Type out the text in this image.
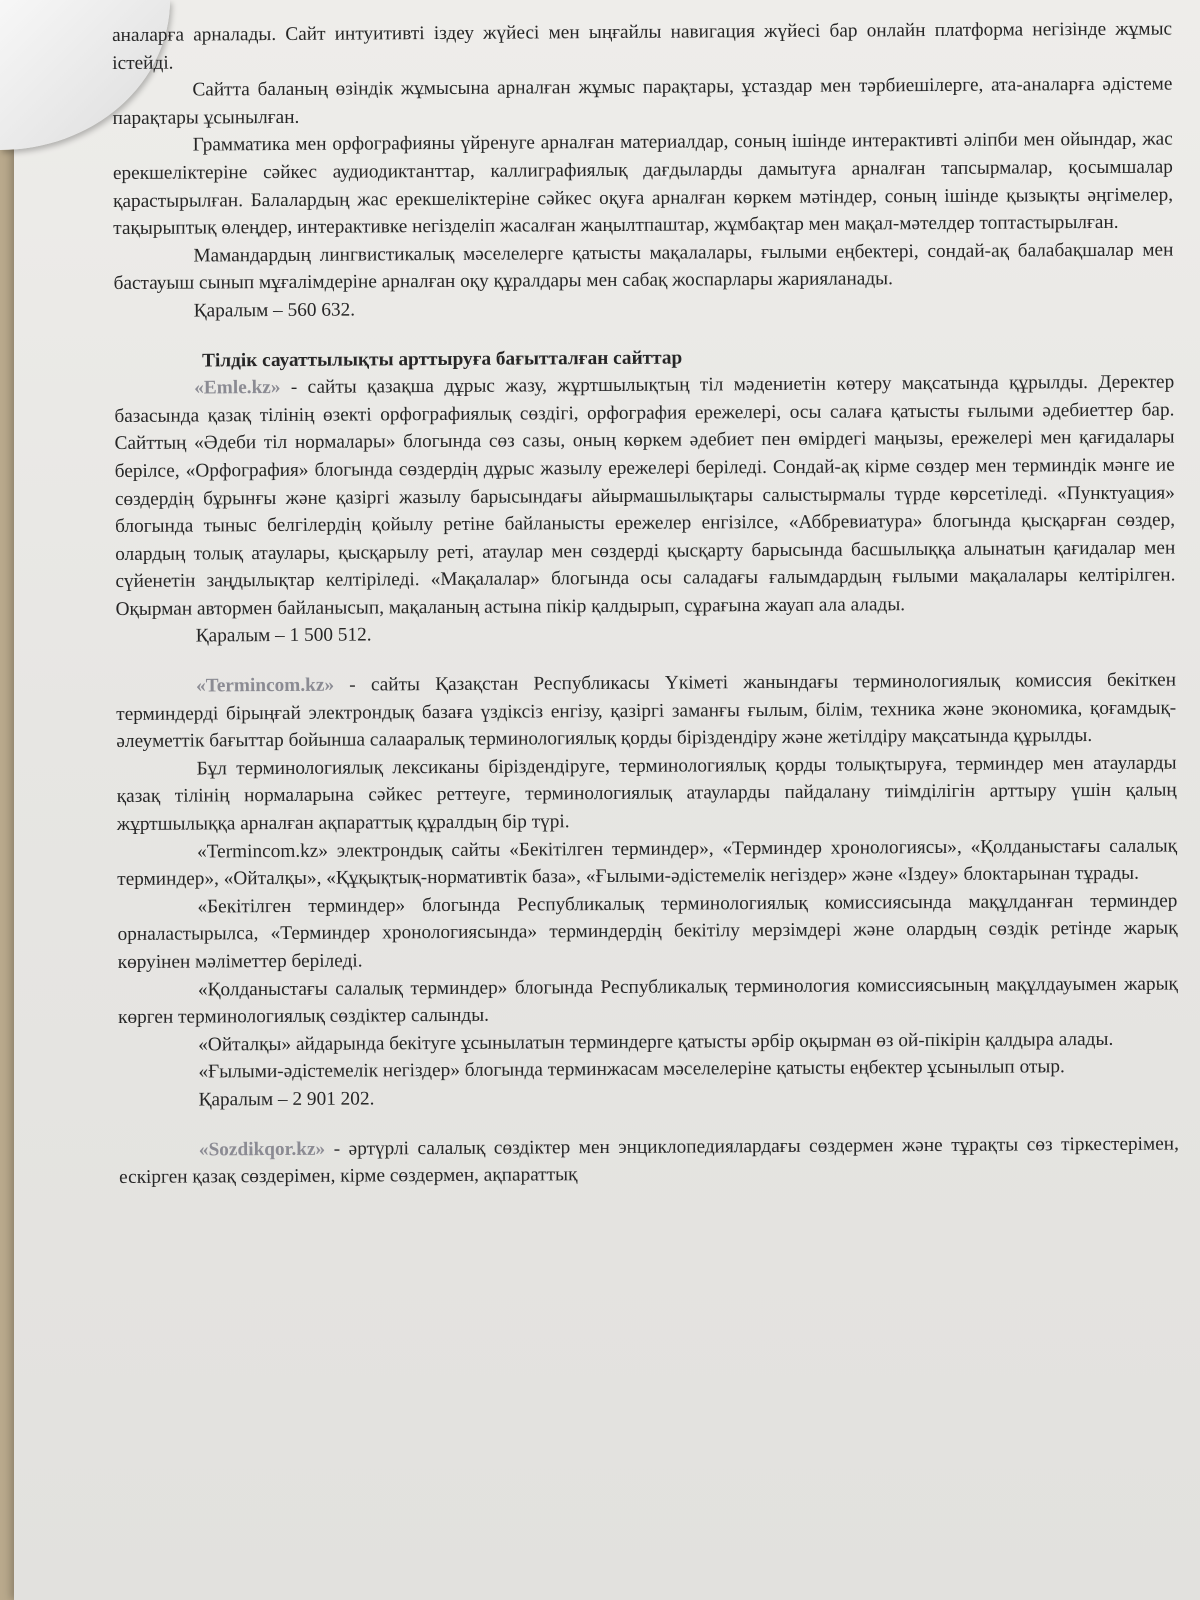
аналарға арналады. Сайт интуитивті іздеу жүйесі мен ыңғайлы навигация жүйесі бар онлайн платформа негізінде жұмыс істейді.

Сайтта баланың өзіндік жұмысына арналған жұмыс парақтары, ұстаздар мен тәрбиешілерге, ата-аналарға әдістеме парақтары ұсынылған.

Грамматика мен орфографияны үйренуге арналған материалдар, соның ішінде интерактивті әліпби мен ойындар, жас ерекшеліктеріне сәйкес аудиодиктанттар, каллиграфиялық дағдыларды дамытуға арналған тапсырмалар, қосымшалар қарастырылған. Балалардың жас ерекшеліктеріне сәйкес оқуға арналған көркем мәтіндер, соның ішінде қызықты әңгімелер, тақырыптық өлеңдер, интерактивке негізделіп жасалған жаңылтпаштар, жұмбақтар мен мақал-мәтелдер топтастырылған.

Мамандардың лингвистикалық мәселелерге қатысты мақалалары, ғылыми еңбектері, сондай-ақ балабақшалар мен бастауыш сынып мұғалімдеріне арналған оқу құралдары мен сабақ жоспарлары жарияланады.

Қаралым – 560 632.

Тілдік сауаттылықты арттыруға бағытталған сайттар

«Emle.kz» - сайты қазақша дұрыс жазу, жұртшылықтың тіл мәдениетін көтеру мақсатында құрылды. Деректер базасында қазақ тілінің өзекті орфографиялық сөздігі, орфография ережелері, осы салаға қатысты ғылыми әдебиеттер бар. Сайттың «Әдеби тіл нормалары» блогында сөз сазы, оның көркем әдебиет пен өмірдегі маңызы, ережелері мен қағидалары берілсе, «Орфография» блогында сөздердің дұрыс жазылу ережелері беріледі. Сондай-ақ кірме сөздер мен терминдік мәнге ие сөздердің бұрынғы және қазіргі жазылу барысындағы айырмашылықтары салыстырмалы түрде көрсетіледі. «Пунктуация» блогында тыныс белгілердің қойылу ретіне байланысты ережелер енгізілсе, «Аббревиатура» блогында қысқарған сөздер, олардың толық атаулары, қысқарылу реті, атаулар мен сөздерді қысқарту барысында басшылыққа алынатын қағидалар мен сүйенетін заңдылықтар келтіріледі. «Мақалалар» блогында осы саладағы ғалымдардың ғылыми мақалалары келтірілген. Оқырман автормен байланысып, мақаланың астына пікір қалдырып, сұрағына жауап ала алады.

Қаралым – 1 500 512.

«Termincom.kz» - сайты Қазақстан Республикасы Үкіметі жанындағы терминологиялық комиссия бекіткен терминдерді бірыңғай электрондық базаға үздіксіз енгізу, қазіргі заманғы ғылым, білім, техника және экономика, қоғамдық-әлеуметтік бағыттар бойынша салааралық терминологиялық қорды біріздендіру және жетілдіру мақсатында құрылды.

Бұл терминологиялық лексиканы біріздендіруге, терминологиялық қорды толықтыруға, терминдер мен атауларды қазақ тілінің нормаларына сәйкес реттеуге, терминологиялық атауларды пайдалану тиімділігін арттыру үшін қалың жұртшылыққа арналған ақпараттық құралдың бір түрі.

«Termincom.kz» электрондық сайты «Бекітілген терминдер», «Терминдер хронологиясы», «Қолданыстағы салалық терминдер», «Ойталқы», «Құқықтық-нормативтік база», «Ғылыми-әдістемелік негіздер» және «Іздеу» блоктарынан тұрады.

«Бекітілген терминдер» блогында Республикалық терминологиялық комиссиясында мақұлданған терминдер орналастырылса, «Терминдер хронологиясында» терминдердің бекітілу мерзімдері және олардың сөздік ретінде жарық көруінен мәліметтер беріледі.

«Қолданыстағы салалық терминдер» блогында Республикалық терминология комиссиясының мақұлдауымен жарық көрген терминологиялық сөздіктер салынды.

«Ойталқы» айдарында бекітуге ұсынылатын терминдерге қатысты әрбір оқырман өз ой-пікірін қалдыра алады.

«Ғылыми-әдістемелік негіздер» блогында терминжасам мәселелеріне қатысты еңбектер ұсынылып отыр.

Қаралым – 2 901 202.

«Sozdikqor.kz» - әртүрлі салалық сөздіктер мен энциклопедиялардағы сөздермен және тұрақты сөз тіркестерімен, ескірген қазақ сөздерімен, кірме сөздермен, ақпараттық
